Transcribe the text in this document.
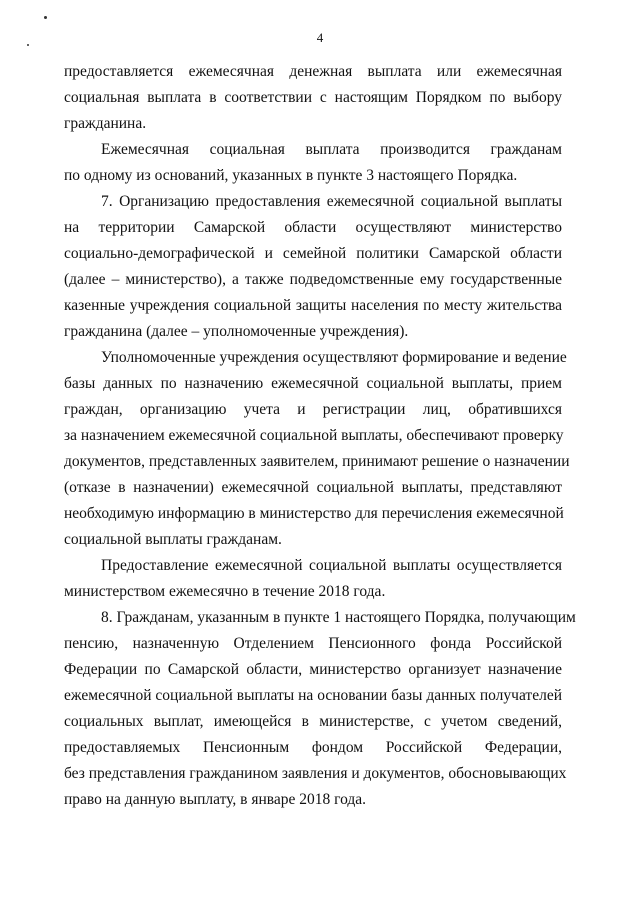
4
предоставляется ежемесячная денежная выплата или ежемесячная
социальная выплата в соответствии с настоящим Порядком по выбору
гражданина.
Ежемесячная социальная выплата производится гражданам
по одному из оснований, указанных в пункте 3 настоящего Порядка.
7. Организацию предоставления ежемесячной социальной выплаты
на территории Самарской области осуществляют министерство
социально-демографической и семейной политики Самарской области
(далее – министерство), а также подведомственные ему государственные
казенные учреждения социальной защиты населения по месту жительства
гражданина (далее – уполномоченные учреждения).
Уполномоченные учреждения осуществляют формирование и ведение
базы данных по назначению ежемесячной социальной выплаты, прием
граждан, организацию учета и регистрации лиц, обратившихся
за назначением ежемесячной социальной выплаты, обеспечивают проверку
документов, представленных заявителем, принимают решение о назначении
(отказе в назначении) ежемесячной социальной выплаты, представляют
необходимую информацию в министерство для перечисления ежемесячной
социальной выплаты гражданам.
Предоставление ежемесячной социальной выплаты осуществляется
министерством ежемесячно в течение 2018 года.
8. Гражданам, указанным в пункте 1 настоящего Порядка, получающим
пенсию, назначенную Отделением Пенсионного фонда Российской
Федерации по Самарской области, министерство организует назначение
ежемесячной социальной выплаты на основании базы данных получателей
социальных выплат, имеющейся в министерстве, с учетом сведений,
предоставляемых Пенсионным фондом Российской Федерации,
без представления гражданином заявления и документов, обосновывающих
право на данную выплату, в январе 2018 года.
